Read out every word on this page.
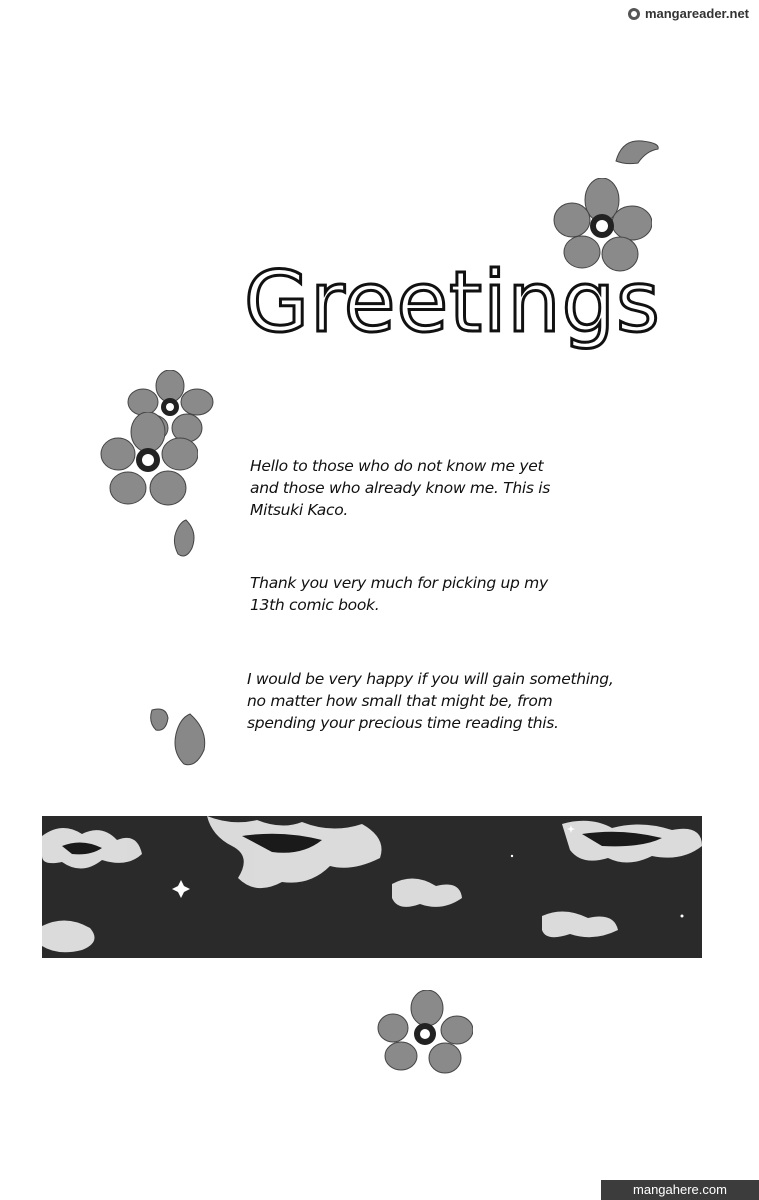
mangareader.net
Greetings
Hello to those who do not know me yet
and those who already know me. This is
Mitsuki Kaco.
Thank you very much for picking up my
13th comic book.
I would be very happy if you will gain something,
no matter how small that might be, from
spending your precious time reading this.
mangahere.com
